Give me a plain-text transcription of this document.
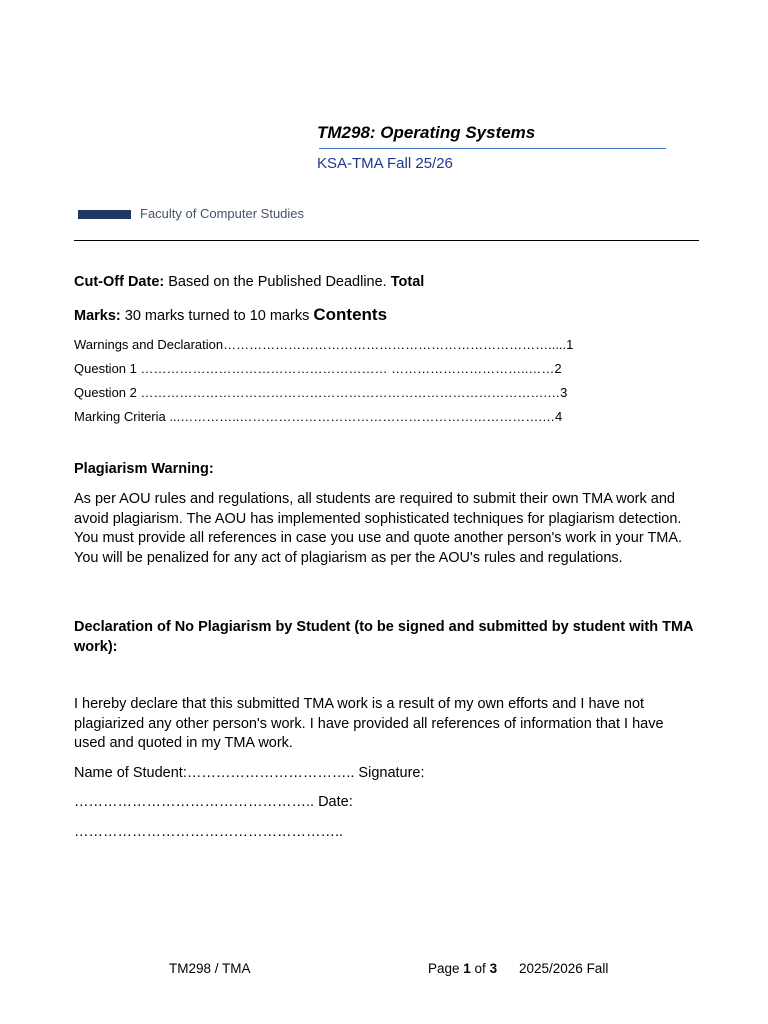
TM298: Operating Systems
KSA-TMA Fall 25/26
Faculty of Computer Studies
Cut-Off Date: Based on the Published Deadline. Total
Marks: 30 marks turned to 10 marks Contents
Warnings and Declaration………………………………………………………………….....1
Question 1 ………………………………………………… …………………………..……2
Question 2 ………………………………………………………………………………….…3
Marking Criteria ...…………..…………………………………………………………….…4
Plagiarism Warning:
As per AOU rules and regulations, all students are required to submit their own TMA work and avoid plagiarism. The AOU has implemented sophisticated techniques for plagiarism detection. You must provide all references in case you use and quote another person's work in your TMA. You will be penalized for any act of plagiarism as per the AOU's rules and regulations.
Declaration of No Plagiarism by Student (to be signed and submitted by student with TMA work):
I hereby declare that this submitted TMA work is a result of my own efforts and I have not plagiarized any other person's work. I have provided all references of information that I have used and quoted in my TMA work.
Name of Student:…………………………….. Signature:
………………………………………….. Date:
………………………………………………..
TM298 / TMA	Page 1 of 3 2025/2026 Fall
